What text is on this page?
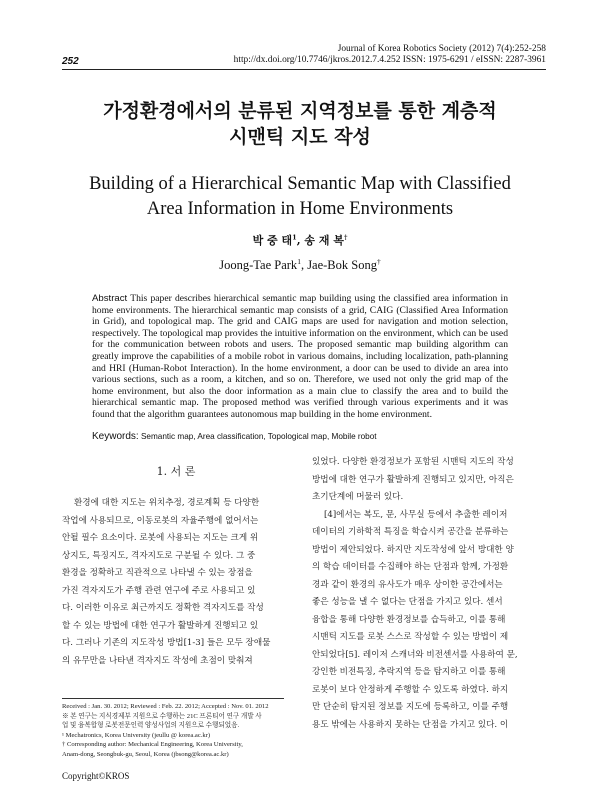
252
Journal of Korea Robotics Society (2012) 7(4):252-258
http://dx.doi.org/10.7746/jkros.2012.7.4.252 ISSN: 1975-6291 / eISSN: 2287-3961
가정환경에서의 분류된 지역정보를 통한 계층적
시맨틱 지도 작성
Building of a Hierarchical Semantic Map with Classified
Area Information in Home Environments
박 중 태$^1$, 송 재 복†
Joong-Tae Park$^1$, Jae-Bok Song†
Abstract This paper describes hierarchical semantic map building using the classified area information in home environments. The hierarchical semantic map consists of a grid, CAIG (Classified Area Information in Grid), and topological map. The grid and CAIG maps are used for navigation and motion selection, respectively. The topological map provides the intuitive information on the environment, which can be used for the communication between robots and users. The proposed semantic map building algorithm can greatly improve the capabilities of a mobile robot in various domains, including localization, path-planning and HRI (Human-Robot Interaction). In the home environment, a door can be used to divide an area into various sections, such as a room, a kitchen, and so on. Therefore, we used not only the grid map of the home environment, but also the door information as a main clue to classify the area and to build the hierarchical semantic map. The proposed method was verified through various experiments and it was found that the algorithm guarantees autonomous map building in the home environment.
Keywords: Semantic map, Area classification, Topological map, Mobile robot
1. 서 론
환경에 대한 지도는 위치추정, 경로계획 등 다양한
작업에 사용되므로, 이동로봇의 자율주행에 없어서는
안될 필수 요소이다. 로봇에 사용되는 지도는 크게 위
상지도, 특징지도, 격자지도로 구분될 수 있다. 그 중
환경을 정확하고 직관적으로 나타낼 수 있는 장점을
가진 격자지도가 주행 관련 연구에 주로 사용되고 있
다. 이러한 이유로 최근까지도 정확한 격자지도를 작성
할 수 있는 방법에 대한 연구가 활발하게 진행되고 있
다. 그러나 기존의 지도작성 방법[1-3] 들은 모두 장애물
의 유무만을 나타낸 격자지도 작성에 초점이 맞춰져
있었다. 다양한 환경정보가 포함된 시맨틱 지도의 작성
방법에 대한 연구가 활발하게 진행되고 있지만, 아직은
초기단계에 머물러 있다.
[4]에서는 복도, 문, 사무실 등에서 추출한 레이저
데이터의 기하학적 특징을 학습시켜 공간을 분류하는
방법이 제안되었다. 하지만 지도작성에 앞서 방대한 양
의 학습 데이터를 수집해야 하는 단점과 함께, 가정환
경과 같이 환경의 유사도가 매우 상이한 공간에서는
좋은 성능을 낼 수 없다는 단점을 가지고 있다. 센서
융합을 통해 다양한 환경정보를 습득하고, 이를 통해
시맨틱 지도를 로봇 스스로 작성할 수 있는 방법이 제
안되었다[5]. 레이저 스캐너와 비전센서를 사용하여 문,
강인한 비전특징, 추락지역 등을 탐지하고 이를 통해
로봇이 보다 안정하게 주행할 수 있도록 하였다. 하지
만 단순히 탐지된 정보를 지도에 등록하고, 이를 주행
용도 밖에는 사용하지 못하는 단점을 가지고 있다. 이
Received : Jan. 30. 2012; Reviewed : Feb. 22. 2012; Accepted : Nov. 01. 2012
※ 본 연구는 지식경제부 지원으로 수행하는 21C 프론티어 연구 개발 사
업 및 융복합형 로봇전문인력 양성사업의 지원으로 수행되었음.
¹ Mechatronics, Korea University (jeullu @ korea.ac.kr)
† Corresponding author: Mechanical Engineering, Korea University,
Anam-dong, Seongbuk-gu, Seoul, Korea (jbsong@korea.ac.kr)
Copyright©KROS
